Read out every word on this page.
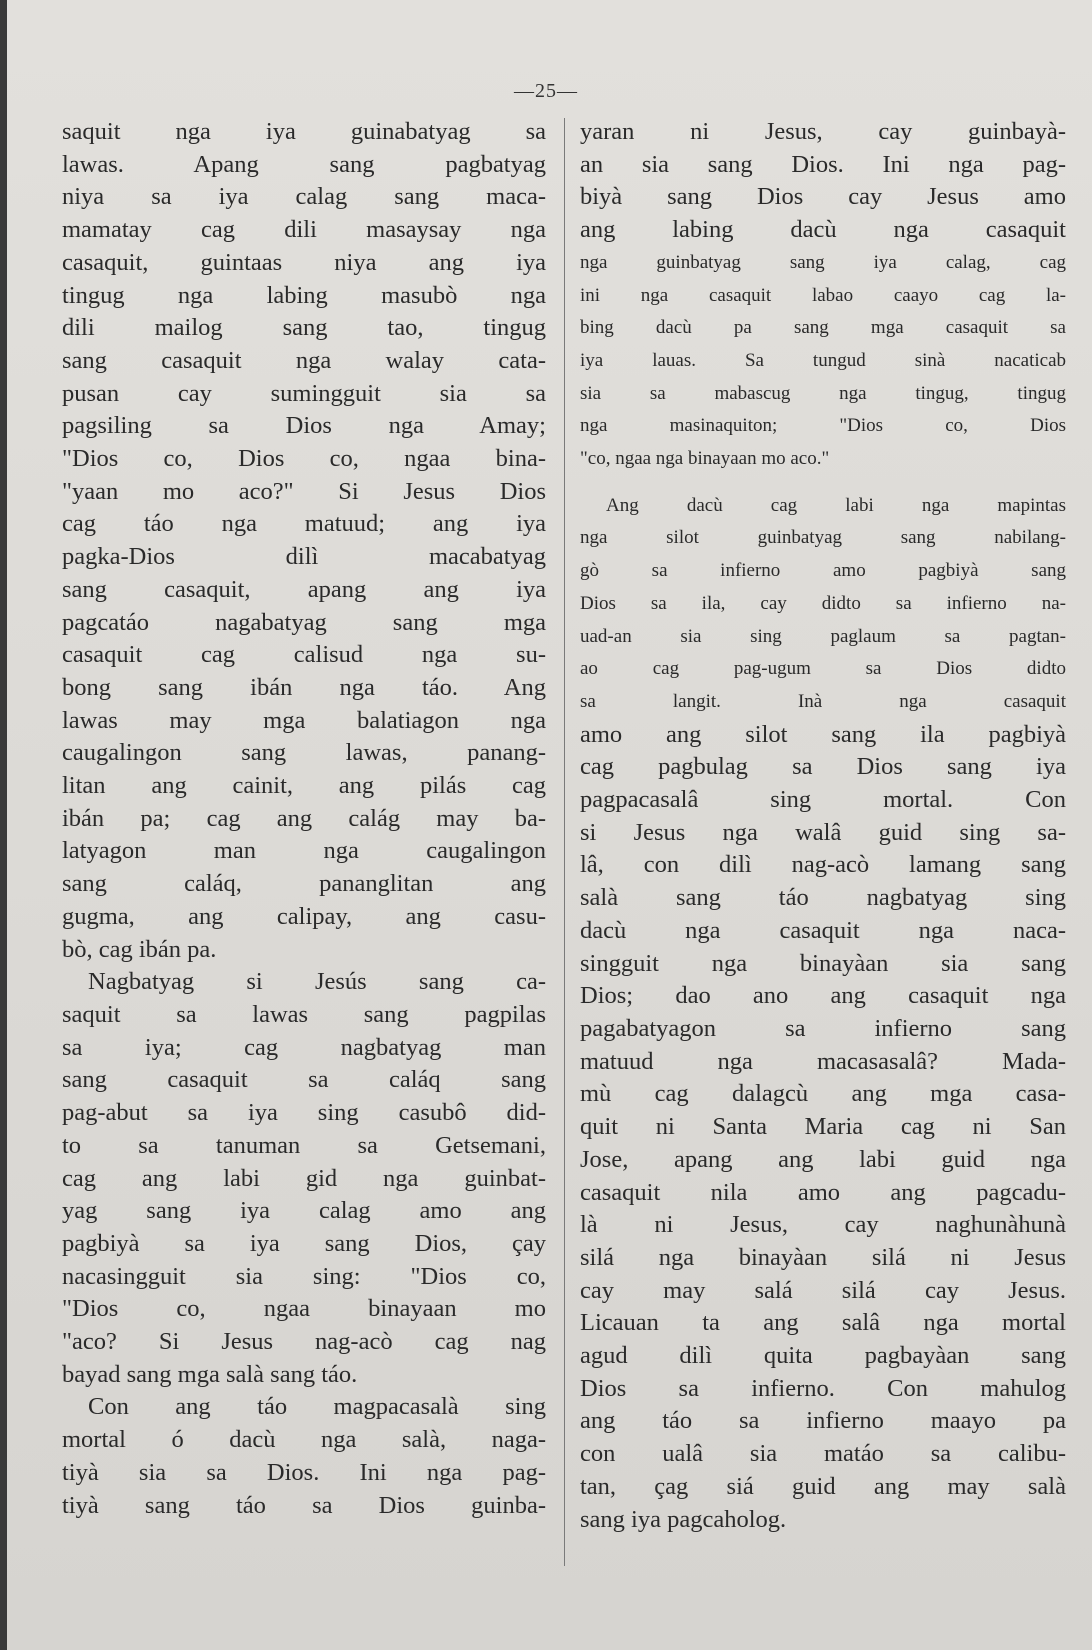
—25—
saquit nga iya guinabatyag sa
lawas. Apang sang pagbatyag
niya sa iya calag sang maca-
mamatay cag dili masaysay nga
casaquit, guintaas niya ang iya
tingug nga labing masubò nga
dili mailog sang tao, tingug
sang casaquit nga walay cata-
pusan cay sumingguit sia sa
pagsiling sa Dios nga Amay;
"Dios co, Dios co, ngaa bina-
"yaan mo aco?" Si Jesus Dios
cag táo nga matuud; ang iya
pagka-Dios dilì macabatyag
sang casaquit, apang ang iya
pagcatáo nagabatyag sang mga
casaquit cag calisud nga su-
bong sang ibán nga táo. Ang
lawas may mga balatiagon nga
caugalingon sang lawas, panang-
litan ang cainit, ang pilás cag
ibán pa; cag ang calág may ba-
latyagon man nga caugalingon
sang caláq, pananglitan ang
gugma, ang calipay, ang casu-
bò, cag ibán pa.
Nagbatyag si Jesús sang ca-
saquit sa lawas sang pagpilas
sa iya; cag nagbatyag man
sang casaquit sa caláq sang
pag-abut sa iya sing casubô did-
to sa tanuman sa Getsemani,
cag ang labi gid nga guinbat-
yag sang iya calag amo ang
pagbiyà sa iya sang Dios, çay
nacasingguit sia sing: "Dios co,
"Dios co, ngaa binayaan mo
"aco? Si Jesus nag-acò cag nag
bayad sang mga salà sang táo.
Con ang táo magpacasalà sing
mortal ó dacù nga salà, naga-
tiyà sia sa Dios. Ini nga pag-
tiyà sang táo sa Dios guinba-
yaran ni Jesus, cay guinbayà-
an sia sang Dios. Ini nga pag-
biyà sang Dios cay Jesus amo
ang labing dacù nga casaquit
nga guinbatyag sang iya calag, cag
ini nga casaquit labao caayo cag la-
bing dacù pa sang mga casaquit sa
iya lauas. Sa tungud sinà nacaticab
sia sa mabascug nga tingug, tingug
nga masinaquiton; "Dios co, Dios
"co, ngaa nga binayaan mo aco."
Ang dacù cag labi nga mapintas
nga silot guinbatyag sang nabilang-
gò sa infierno amo pagbiyà sang
Dios sa ila, cay didto sa infierno na-
uad-an sia sing paglaum sa pagtan-
ao cag pag-ugum sa Dios didto
sa langit. Inà nga casaquit
amo ang silot sang ila pagbiyà
cag pagbulag sa Dios sang iya
pagpacasalâ sing mortal. Con
si Jesus nga walâ guid sing sa-
lâ, con dilì nag-acò lamang sang
salà sang táo nagbatyag sing
dacù nga casaquit nga naca-
singguit nga binayàan sia sang
Dios; dao ano ang casaquit nga
pagabatyagon sa infierno sang
matuud nga macasasalâ? Mada-
mù cag dalagcù ang mga casa-
quit ni Santa Maria cag ni San
Jose, apang ang labi guid nga
casaquit nila amo ang pagcadu-
là ni Jesus, cay naghunàhunà
silá nga binayàan silá ni Jesus
cay may salá silá cay Jesus.
Licauan ta ang salâ nga mortal
agud dilì quita pagbayàan sang
Dios sa infierno. Con mahulog
ang táo sa infierno maayo pa
con ualâ sia matáo sa calibu-
tan, çag siá guid ang may salà
sang iya pagcaholog.
